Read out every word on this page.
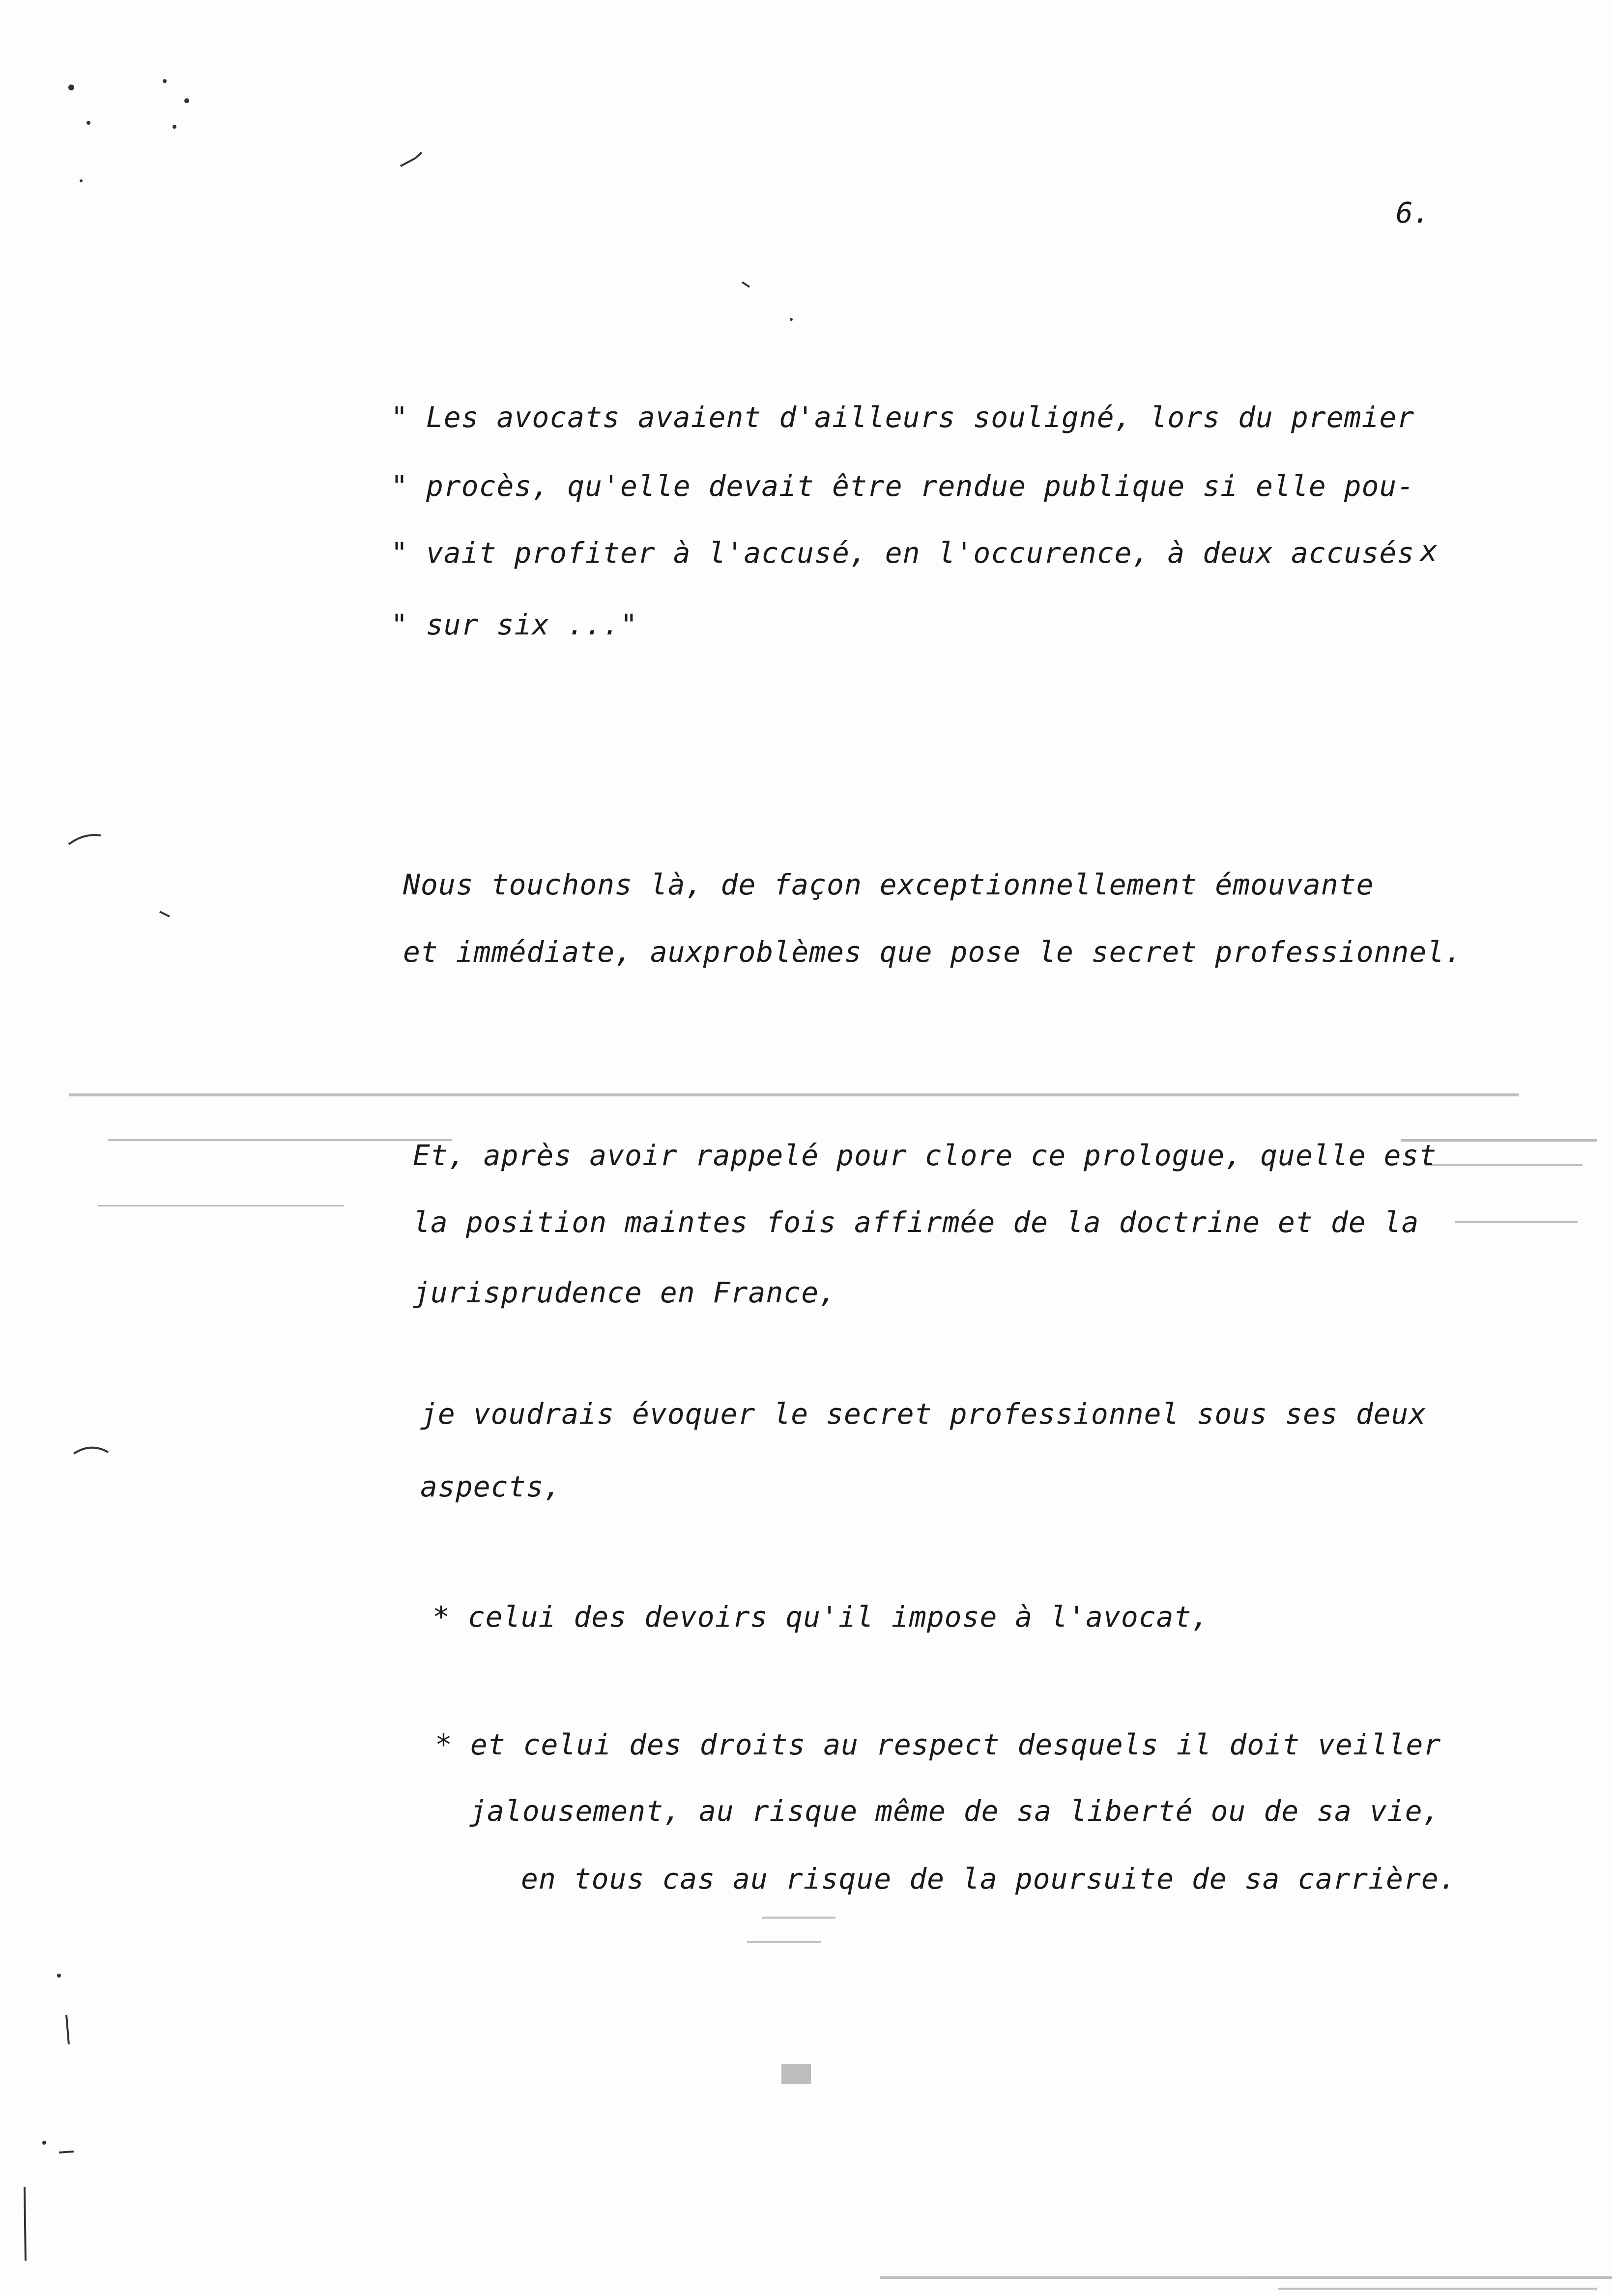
6.
" Les avocats avaient d'ailleurs souligné, lors du premier
" procès, qu'elle devait être rendue publique si elle pou-
" vait profiter à l'accusé, en l'occurence, à deux accusés x
" sur six ..."
Nous touchons là, de façon exceptionnellement émouvante
et immédiate, auxproblèmes que pose le secret professionnel.
Et, après avoir rappelé pour clore ce prologue, quelle est
la position maintes fois affirmée de la doctrine et de la
jurisprudence en France,
je voudrais évoquer le secret professionnel sous ses deux
aspects,
* celui des devoirs qu'il impose à l'avocat,
* et celui des droits au respect desquels il doit veiller
jalousement, au risque même de sa liberté ou de sa vie,
en tous cas au risque de la poursuite de sa carrière.
